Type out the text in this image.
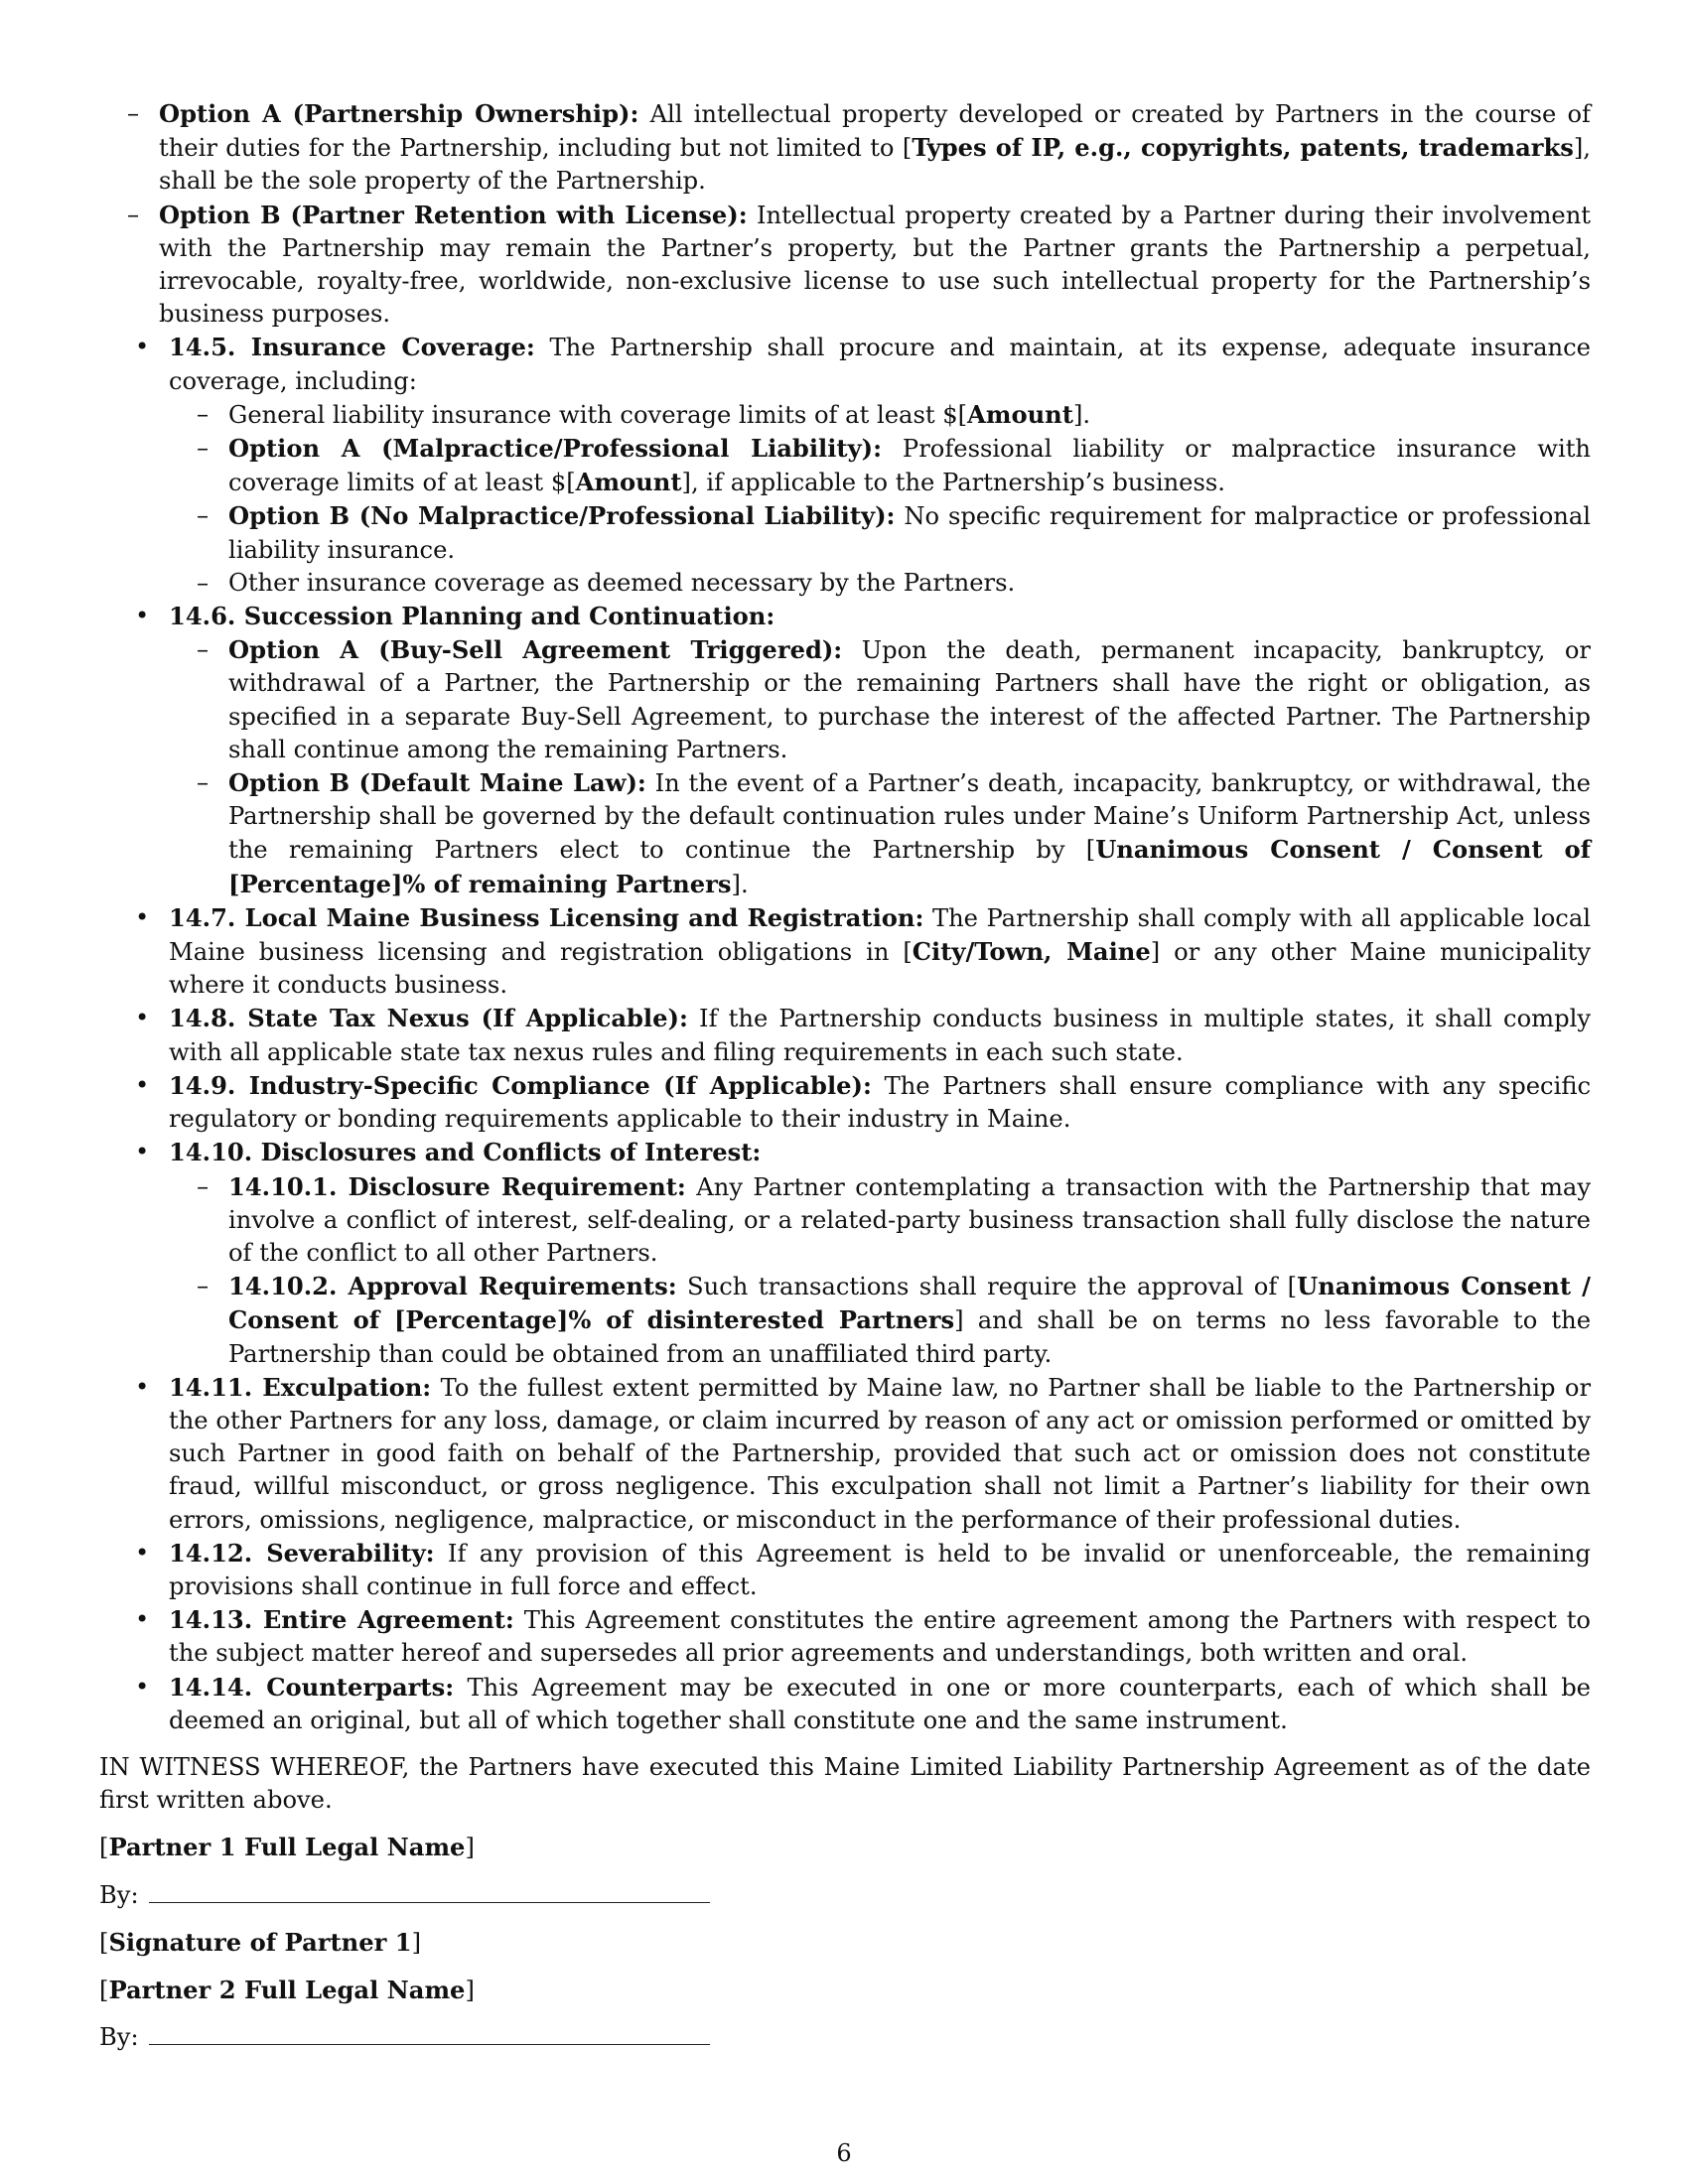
– Option A (Partnership Ownership): All intellectual property developed or created by Partners in the course of their duties for the Partnership, including but not limited to [Types of IP, e.g., copyrights, patents, trademarks], shall be the sole property of the Partnership.
– Option B (Partner Retention with License): Intellectual property created by a Partner during their involvement with the Partnership may remain the Partner’s property, but the Partner grants the Partnership a perpetual, irrevocable, royalty-free, worldwide, non-exclusive license to use such intellectual property for the Partnership’s business purposes.
• 14.5. Insurance Coverage: The Partnership shall procure and maintain, at its expense, adequate insurance coverage, including:
– General liability insurance with coverage limits of at least $[Amount].
– Option A (Malpractice/Professional Liability): Professional liability or malpractice insurance with coverage limits of at least $[Amount], if applicable to the Partnership’s business.
– Option B (No Malpractice/Professional Liability): No specific requirement for malpractice or professional liability insurance.
– Other insurance coverage as deemed necessary by the Partners.
• 14.6. Succession Planning and Continuation:
– Option A (Buy-Sell Agreement Triggered): Upon the death, permanent incapacity, bankruptcy, or withdrawal of a Partner, the Partnership or the remaining Partners shall have the right or obligation, as specified in a separate Buy-Sell Agreement, to purchase the interest of the affected Partner. The Partnership shall continue among the remaining Partners.
– Option B (Default Maine Law): In the event of a Partner’s death, incapacity, bankruptcy, or withdrawal, the Partnership shall be governed by the default continuation rules under Maine’s Uniform Partnership Act, unless the remaining Partners elect to continue the Partnership by [Unanimous Consent / Consent of [Percentage]% of remaining Partners].
• 14.7. Local Maine Business Licensing and Registration: The Partnership shall comply with all applicable local Maine business licensing and registration obligations in [City/Town, Maine] or any other Maine municipality where it conducts business.
• 14.8. State Tax Nexus (If Applicable): If the Partnership conducts business in multiple states, it shall comply with all applicable state tax nexus rules and filing requirements in each such state.
• 14.9. Industry-Specific Compliance (If Applicable): The Partners shall ensure compliance with any specific regulatory or bonding requirements applicable to their industry in Maine.
• 14.10. Disclosures and Conflicts of Interest:
– 14.10.1. Disclosure Requirement: Any Partner contemplating a transaction with the Partnership that may involve a conflict of interest, self-dealing, or a related-party business transaction shall fully disclose the nature of the conflict to all other Partners.
– 14.10.2. Approval Requirements: Such transactions shall require the approval of [Unanimous Consent / Consent of [Percentage]% of disinterested Partners] and shall be on terms no less favorable to the Partnership than could be obtained from an unaffiliated third party.
• 14.11. Exculpation: To the fullest extent permitted by Maine law, no Partner shall be liable to the Partnership or the other Partners for any loss, damage, or claim incurred by reason of any act or omission performed or omitted by such Partner in good faith on behalf of the Partnership, provided that such act or omission does not constitute fraud, willful misconduct, or gross negligence. This exculpation shall not limit a Partner’s liability for their own errors, omissions, negligence, malpractice, or misconduct in the performance of their professional duties.
• 14.12. Severability: If any provision of this Agreement is held to be invalid or unenforceable, the remaining provisions shall continue in full force and effect.
• 14.13. Entire Agreement: This Agreement constitutes the entire agreement among the Partners with respect to the subject matter hereof and supersedes all prior agreements and understandings, both written and oral.
• 14.14. Counterparts: This Agreement may be executed in one or more counterparts, each of which shall be deemed an original, but all of which together shall constitute one and the same instrument.

IN WITNESS WHEREOF, the Partners have executed this Maine Limited Liability Partnership Agreement as of the date first written above.

[Partner 1 Full Legal Name]
By:
[Signature of Partner 1]
[Partner 2 Full Legal Name]
By:
6
